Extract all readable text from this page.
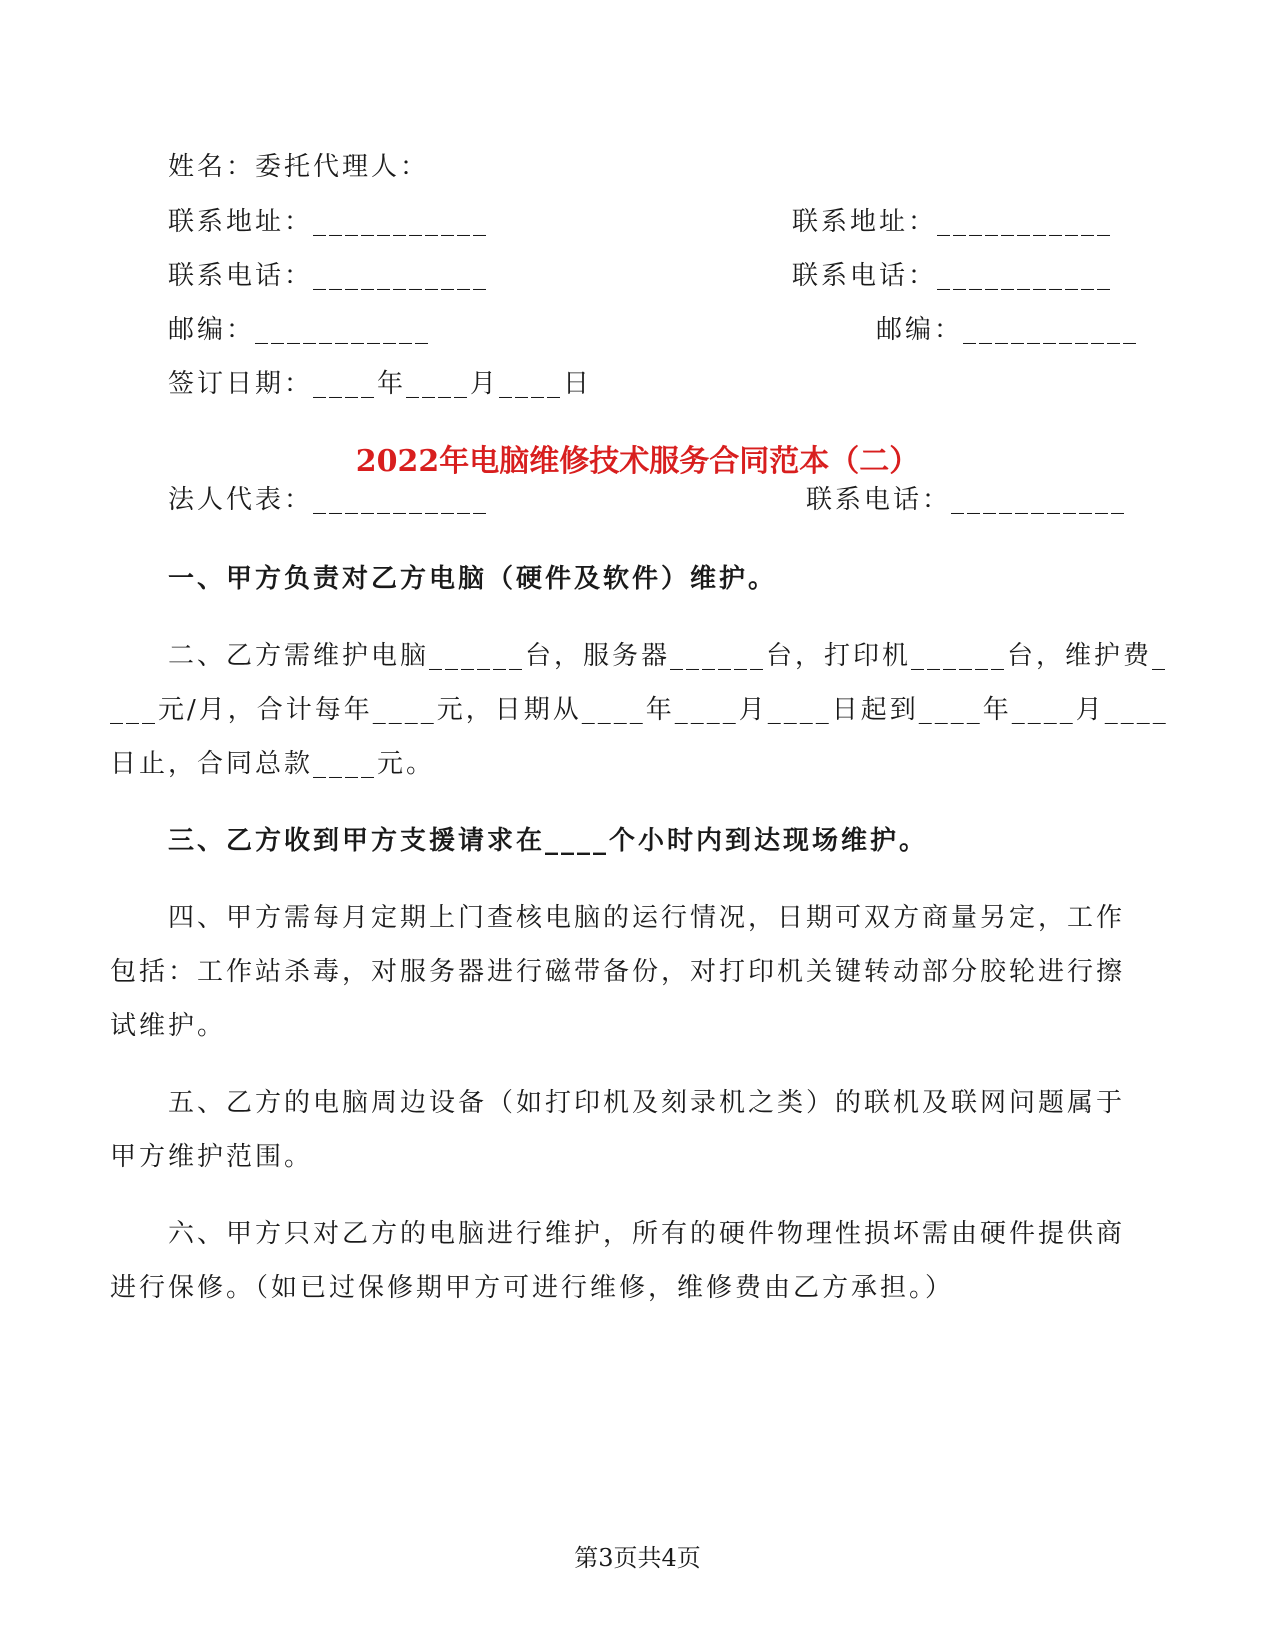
姓名：委托代理人：
联系地址：___________	联系地址：___________
联系电话：___________	联系电话：___________
邮编：___________	邮编：___________
签订日期：____年____月____日
2022年电脑维修技术服务合同范本（二）
法人代表：___________	联系电话：___________
一、甲方负责对乙方电脑（硬件及软件）维护。
二、乙方需维护电脑______台，服务器______台，打印机______台，维护费_
___元/月，合计每年____元，日期从____年____月____日起到____年____月____
日止，合同总款____元。
三、乙方收到甲方支援请求在____个小时内到达现场维护。
四、甲方需每月定期上门查核电脑的运行情况，日期可双方商量另定，工作
包括：工作站杀毒，对服务器进行磁带备份，对打印机关键转动部分胶轮进行擦
试维护。
五、乙方的电脑周边设备（如打印机及刻录机之类）的联机及联网问题属于
甲方维护范围。
六、甲方只对乙方的电脑进行维护，所有的硬件物理性损坏需由硬件提供商
进行保修。（如已过保修期甲方可进行维修，维修费由乙方承担。）
第3页共4页
